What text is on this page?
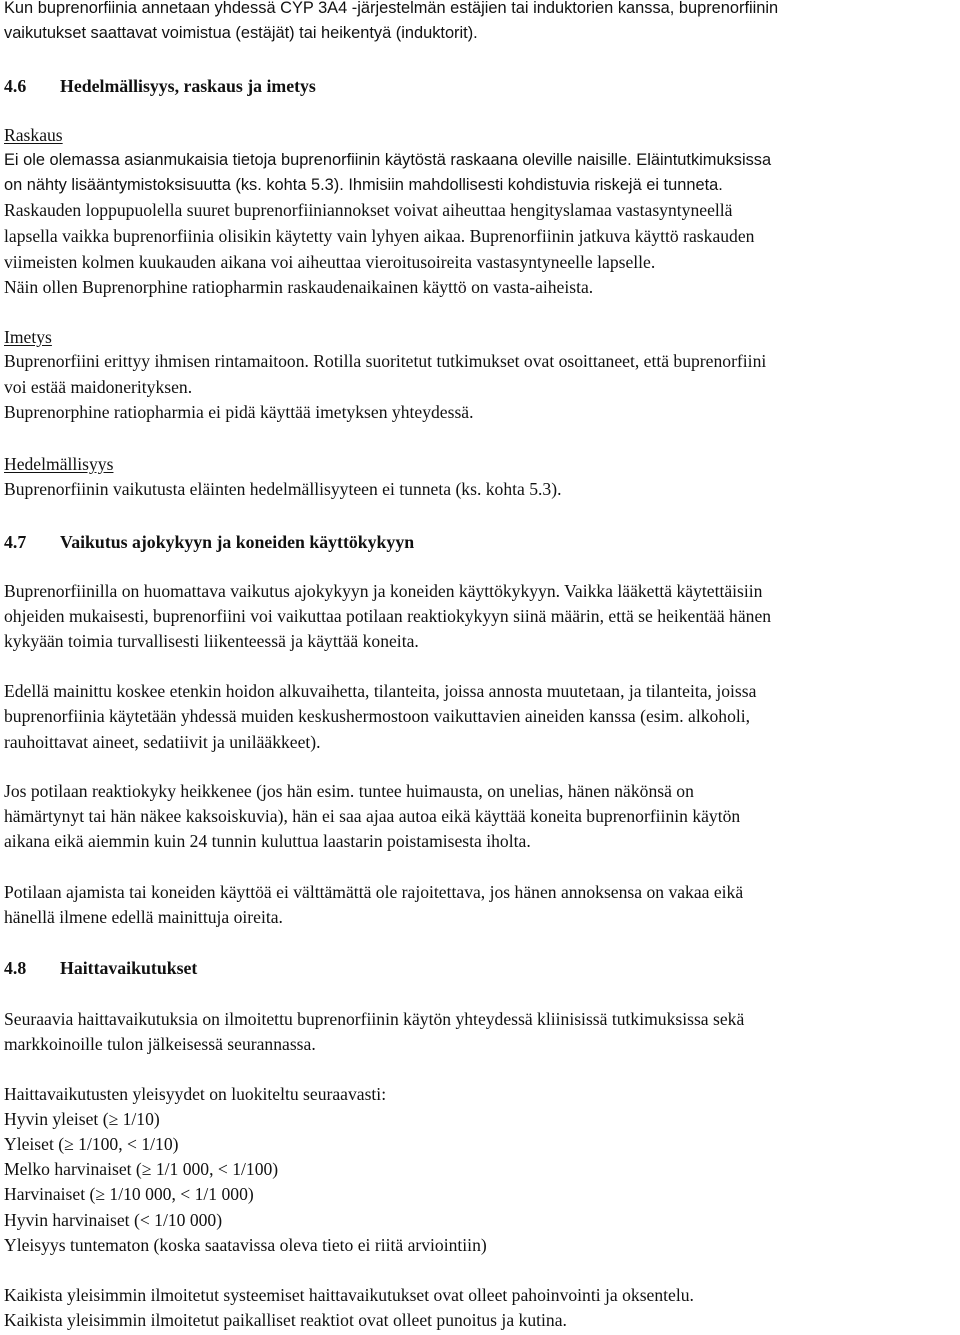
Kun buprenorfiinia annetaan yhdessä CYP 3A4 -järjestelmän estäjien tai induktorien kanssa, buprenorfiinin
vaikutukset saattavat voimistua (estäjät) tai heikentyä (induktorit).
4.6 Hedelmällisyys, raskaus ja imetys
Raskaus
Ei ole olemassa asianmukaisia tietoja buprenorfiinin käytöstä raskaana oleville naisille. Eläintutkimuksissa
on nähty lisääntymistoksisuutta (ks. kohta 5.3). Ihmisiin mahdollisesti kohdistuvia riskejä ei tunneta.
Raskauden loppupuolella suuret buprenorfiiniannokset voivat aiheuttaa hengityslamaa vastasyntyneellä
lapsella vaikka buprenorfiinia olisikin käytetty vain lyhyen aikaa. Buprenorfiinin jatkuva käyttö raskauden
viimeisten kolmen kuukauden aikana voi aiheuttaa vieroitusoireita vastasyntyneelle lapselle.
Näin ollen Buprenorphine ratiopharmin raskaudenaikainen käyttö on vasta-aiheista.
Imetys
Buprenorfiini erittyy ihmisen rintamaitoon. Rotilla suoritetut tutkimukset ovat osoittaneet, että buprenorfiini
voi estää maidonerityksen.
Buprenorphine ratiopharmia ei pidä käyttää imetyksen yhteydessä.
Hedelmällisyys
Buprenorfiinin vaikutusta eläinten hedelmällisyyteen ei tunneta (ks. kohta 5.3).
4.7 Vaikutus ajokykyyn ja koneiden käyttökykyyn
Buprenorfiinilla on huomattava vaikutus ajokykyyn ja koneiden käyttökykyyn. Vaikka lääkettä käytettäisiin
ohjeiden mukaisesti, buprenorfiini voi vaikuttaa potilaan reaktiokykyyn siinä määrin, että se heikentää hänen
kykyään toimia turvallisesti liikenteessä ja käyttää koneita.
Edellä mainittu koskee etenkin hoidon alkuvaihetta, tilanteita, joissa annosta muutetaan, ja tilanteita, joissa
buprenorfiinia käytetään yhdessä muiden keskushermostoon vaikuttavien aineiden kanssa (esim. alkoholi,
rauhoittavat aineet, sedatiivit ja unilääkkeet).
Jos potilaan reaktiokyky heikkenee (jos hän esim. tuntee huimausta, on unelias, hänen näkönsä on
hämärtynyt tai hän näkee kaksoiskuvia), hän ei saa ajaa autoa eikä käyttää koneita buprenorfiinin käytön
aikana eikä aiemmin kuin 24 tunnin kuluttua laastarin poistamisesta iholta.
Potilaan ajamista tai koneiden käyttöä ei välttämättä ole rajoitettava, jos hänen annoksensa on vakaa eikä
hänellä ilmene edellä mainittuja oireita.
4.8 Haittavaikutukset
Seuraavia haittavaikutuksia on ilmoitettu buprenorfiinin käytön yhteydessä kliinisissä tutkimuksissa sekä
markkoinoille tulon jälkeisessä seurannassa.
Haittavaikutusten yleisyydet on luokiteltu seuraavasti:
Hyvin yleiset (≥ 1/10)
Yleiset (≥ 1/100, < 1/10)
Melko harvinaiset (≥ 1/1 000, < 1/100)
Harvinaiset (≥ 1/10 000, < 1/1 000)
Hyvin harvinaiset (< 1/10 000)
Yleisyys tuntematon (koska saatavissa oleva tieto ei riitä arviointiin)
Kaikista yleisimmin ilmoitetut systeemiset haittavaikutukset ovat olleet pahoinvointi ja oksentelu.
Kaikista yleisimmin ilmoitetut paikalliset reaktiot ovat olleet punoitus ja kutina.
